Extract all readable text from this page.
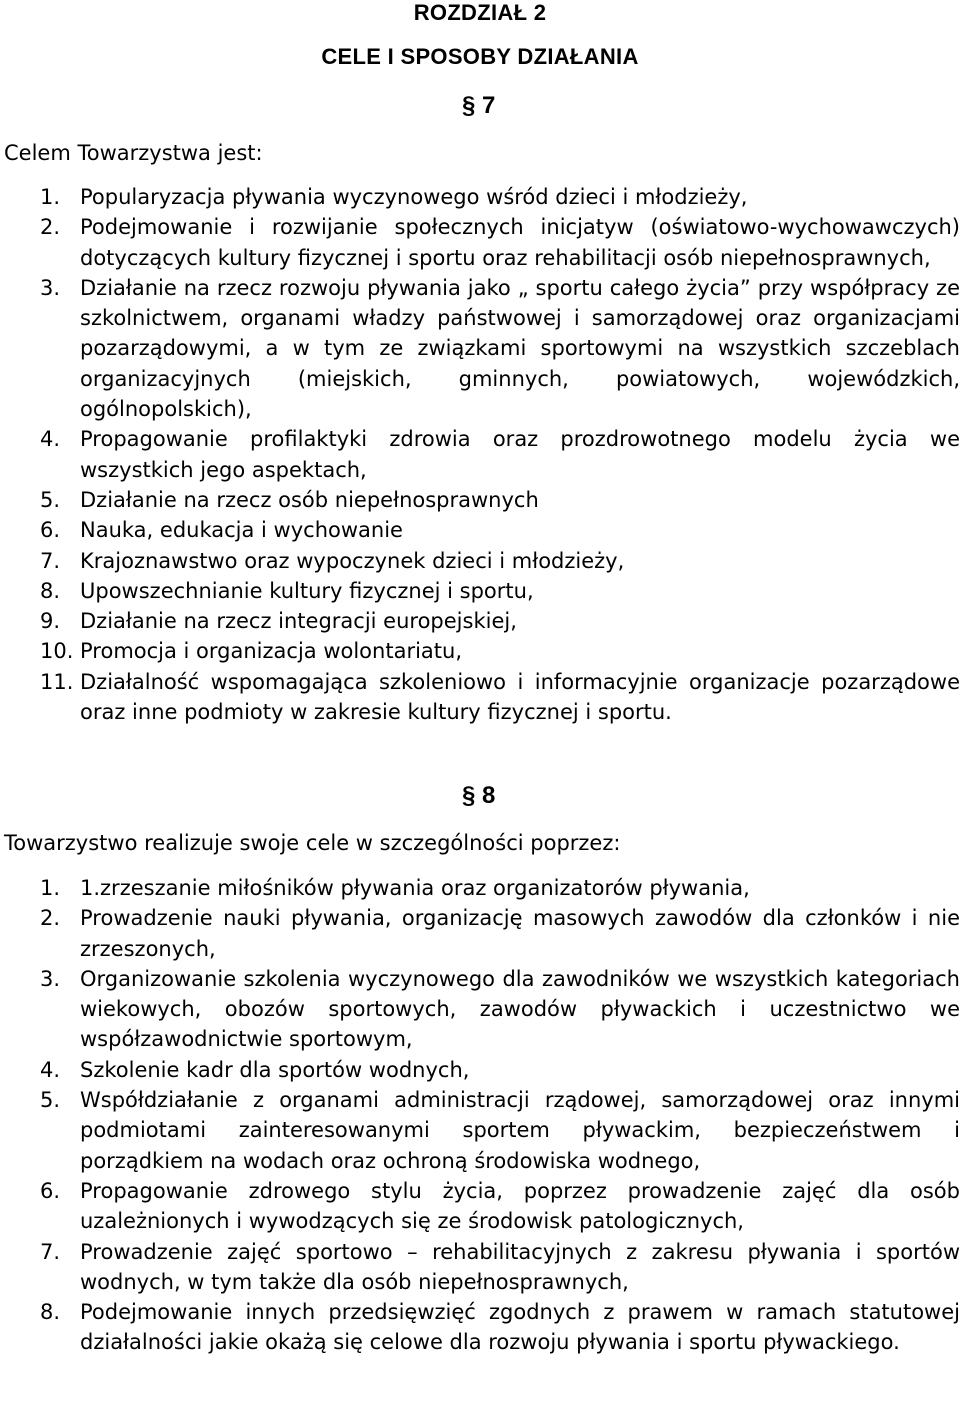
ROZDZIAŁ 2
CELE I SPOSOBY DZIAŁANIA
§ 7
Celem Towarzystwa jest:
1. Popularyzacja pływania wyczynowego wśród dzieci i młodzieży,
2. Podejmowanie i rozwijanie społecznych inicjatyw (oświatowo-wychowawczych) dotyczących kultury fizycznej i sportu oraz rehabilitacji osób niepełnosprawnych,
3. Działanie na rzecz rozwoju pływania jako „ sportu całego życia” przy współpracy ze szkolnictwem, organami władzy państwowej i samorządowej oraz organizacjami pozarządowymi, a w tym ze związkami sportowymi na wszystkich szczeblach organizacyjnych (miejskich, gminnych, powiatowych, wojewódzkich, ogólnopolskich),
4. Propagowanie profilaktyki zdrowia oraz prozdrowotnego modelu życia we wszystkich jego aspektach,
5. Działanie na rzecz osób niepełnosprawnych
6. Nauka, edukacja i wychowanie
7. Krajoznawstwo oraz wypoczynek dzieci i młodzieży,
8. Upowszechnianie kultury fizycznej i sportu,
9. Działanie na rzecz integracji europejskiej,
10. Promocja i organizacja wolontariatu,
11. Działalność wspomagająca szkoleniowo i informacyjnie organizacje pozarządowe oraz inne podmioty w zakresie kultury fizycznej i sportu.
§ 8
Towarzystwo realizuje swoje cele w szczególności poprzez:
1. 1.zrzeszanie miłośników pływania oraz organizatorów pływania,
2. Prowadzenie nauki pływania, organizację masowych zawodów dla członków i nie zrzeszonych,
3. Organizowanie szkolenia wyczynowego dla zawodników we wszystkich kategoriach wiekowych, obozów sportowych, zawodów pływackich i uczestnictwo we współzawodnictwie sportowym,
4. Szkolenie kadr dla sportów wodnych,
5. Współdziałanie z organami administracji rządowej, samorządowej oraz innymi podmiotami zainteresowanymi sportem pływackim, bezpieczeństwem i porządkiem na wodach oraz ochroną środowiska wodnego,
6. Propagowanie zdrowego stylu życia, poprzez prowadzenie zajęć dla osób uzależnionych i wywodzących się ze środowisk patologicznych,
7. Prowadzenie zajęć sportowo – rehabilitacyjnych z zakresu pływania i sportów wodnych, w tym także dla osób niepełnosprawnych,
8. Podejmowanie innych przedsięwzięć zgodnych z prawem w ramach statutowej działalności jakie okażą się celowe dla rozwoju pływania i sportu pływackiego.
